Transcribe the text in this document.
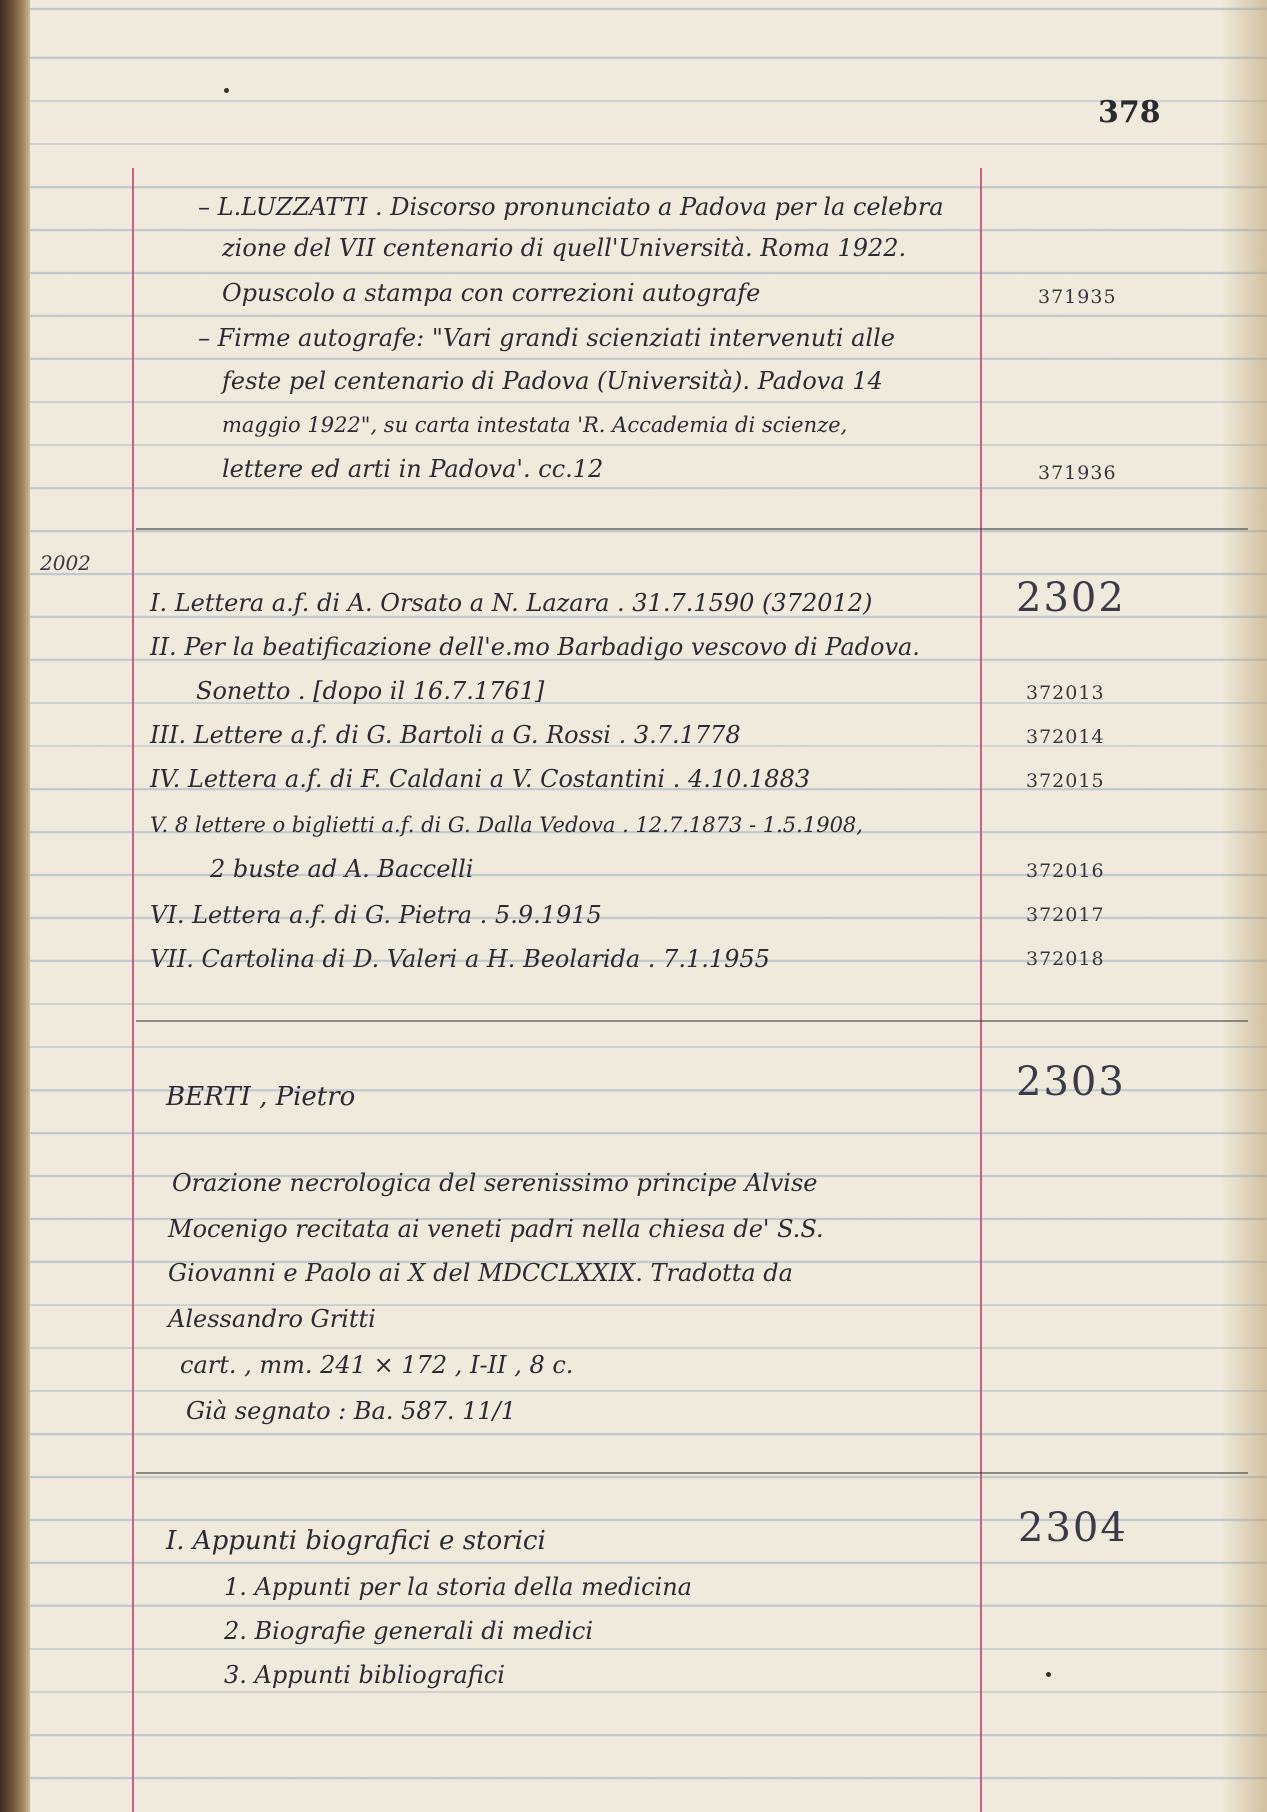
378
2002
– L.LUZZATTI . Discorso pronunciato a Padova per la celebra
zione del VII centenario di quell'Università. Roma 1922.
Opuscolo a stampa con correzioni autografe
– Firme autografe: "Vari grandi scienziati intervenuti alle
feste pel centenario di Padova (Università). Padova 14
maggio 1922", su carta intestata 'R. Accademia di scienze,
lettere ed arti in Padova'. cc.12
371935
371936
2302
I. Lettera a.f. di A. Orsato a N. Lazara . 31.7.1590 (372012)
II. Per la beatificazione dell'e.mo Barbadigo vescovo di Padova.
Sonetto . [dopo il 16.7.1761]
III. Lettere a.f. di G. Bartoli a G. Rossi . 3.7.1778
IV. Lettera a.f. di F. Caldani a V. Costantini . 4.10.1883
V. 8 lettere o biglietti a.f. di G. Dalla Vedova . 12.7.1873 - 1.5.1908,
2 buste ad A. Baccelli
VI. Lettera a.f. di G. Pietra . 5.9.1915
VII. Cartolina di D. Valeri a H. Beolarida . 7.1.1955
372013
372014
372015
372016
372017
372018
2303
BERTI , Pietro
Orazione necrologica del serenissimo principe Alvise
Mocenigo recitata ai veneti padri nella chiesa de' S.S.
Giovanni e Paolo ai X del MDCCLXXIX. Tradotta da
Alessandro Gritti
cart. , mm. 241 × 172 , I-II , 8 c.
Già segnato : Ba. 587. 11/1
2304
I. Appunti biografici e storici
1. Appunti per la storia della medicina
2. Biografie generali di medici
3. Appunti bibliografici
